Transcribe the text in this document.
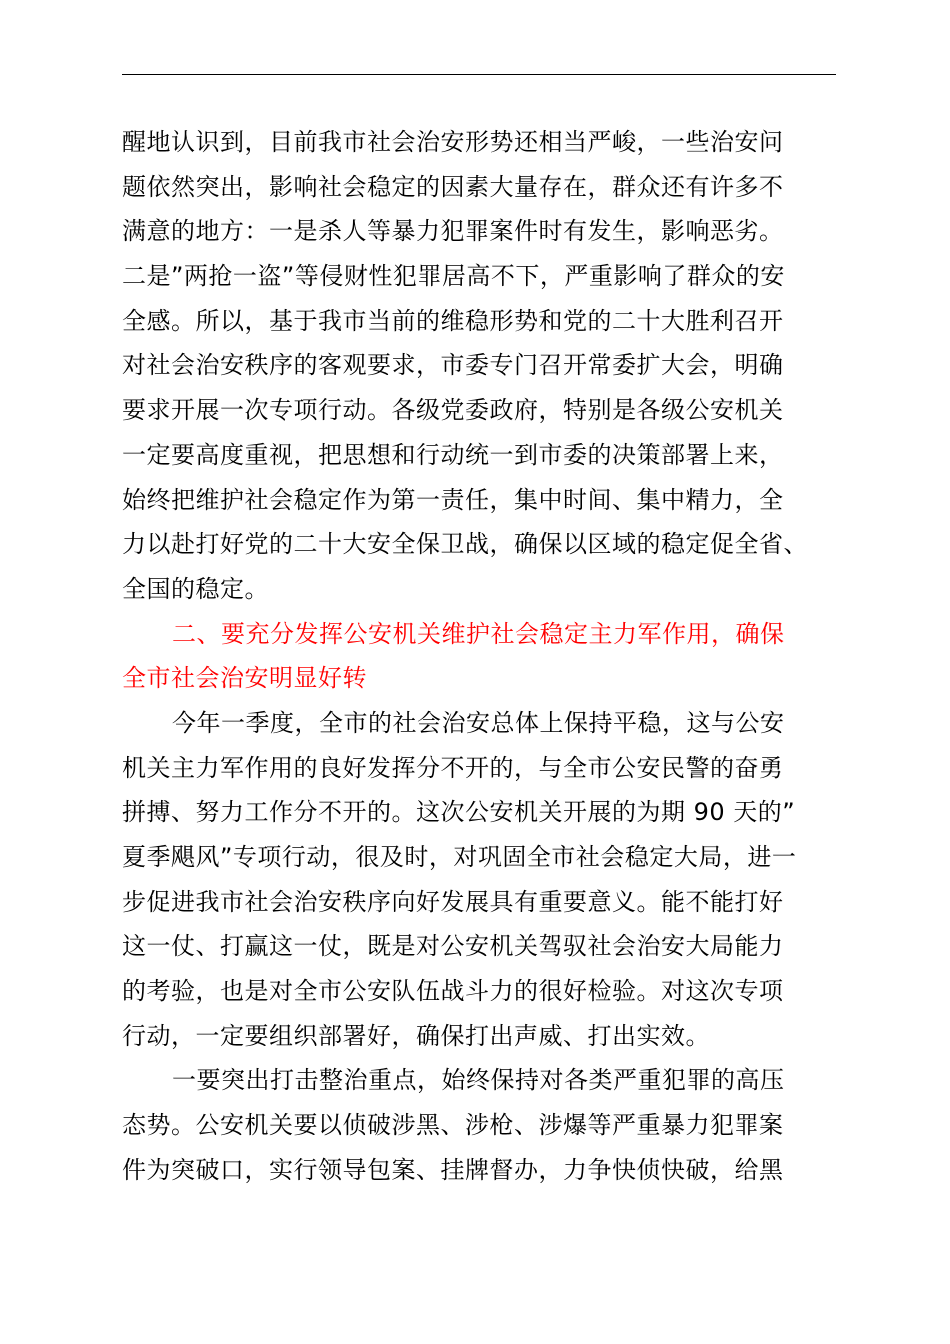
醒地认识到，目前我市社会治安形势还相当严峻，一些治安问
题依然突出，影响社会稳定的因素大量存在，群众还有许多不
满意的地方：一是杀人等暴力犯罪案件时有发生，影响恶劣。
二是”两抢一盗”等侵财性犯罪居高不下，严重影响了群众的安
全感。所以，基于我市当前的维稳形势和党的二十大胜利召开
对社会治安秩序的客观要求，市委专门召开常委扩大会，明确
要求开展一次专项行动。各级党委政府，特别是各级公安机关
一定要高度重视，把思想和行动统一到市委的决策部署上来，
始终把维护社会稳定作为第一责任，集中时间、集中精力，全
力以赴打好党的二十大安全保卫战，确保以区域的稳定促全省、
全国的稳定。
二、要充分发挥公安机关维护社会稳定主力军作用，确保
全市社会治安明显好转
今年一季度，全市的社会治安总体上保持平稳，这与公安
机关主力军作用的良好发挥分不开的，与全市公安民警的奋勇
拼搏、努力工作分不开的。这次公安机关开展的为期 90 天的”
夏季飓风”专项行动，很及时，对巩固全市社会稳定大局，进一
步促进我市社会治安秩序向好发展具有重要意义。能不能打好
这一仗、打赢这一仗，既是对公安机关驾驭社会治安大局能力
的考验，也是对全市公安队伍战斗力的很好检验。对这次专项
行动，一定要组织部署好，确保打出声威、打出实效。
一要突出打击整治重点，始终保持对各类严重犯罪的高压
态势。公安机关要以侦破涉黑、涉枪、涉爆等严重暴力犯罪案
件为突破口，实行领导包案、挂牌督办，力争快侦快破，给黑
